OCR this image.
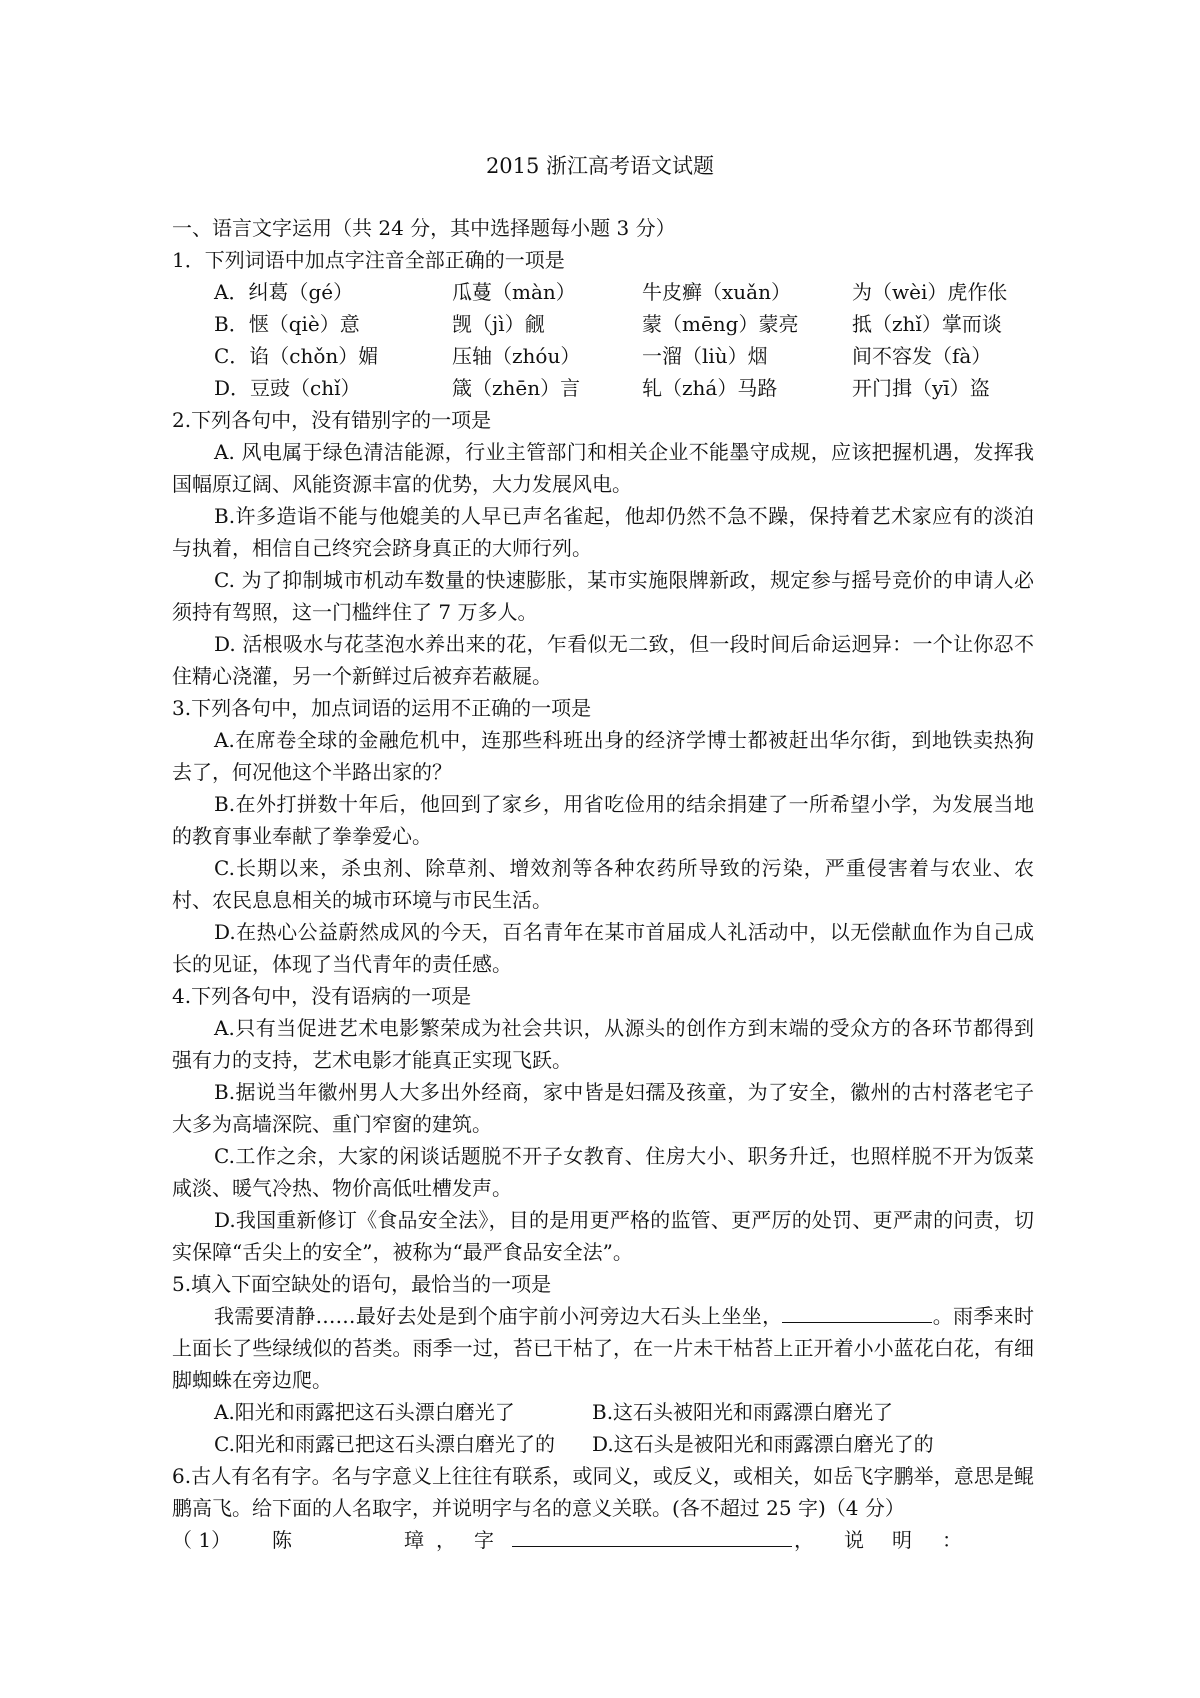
2015 浙江高考语文试题
一、语言文字运用（共 24 分，其中选择题每小题 3 分）
1．下列词语中加点字注音全部正确的一项是
A．纠葛（gé）	瓜蔓（màn）	牛皮癣（xuǎn）	为（wèi）虎作伥
B．惬（qiè）意	觊（jì）觎	蒙（mēng）蒙亮	抵（zhǐ）掌而谈
C．谄（chǒn）媚	压轴（zhóu）	一溜（liù）烟	间不容发（fà）
D．豆豉（chǐ）	箴（zhēn）言	轧（zhá）马路	开门揖（yī）盗
2.下列各句中，没有错别字的一项是
A. 风电属于绿色清洁能源，行业主管部门和相关企业不能墨守成规，应该把握机遇，发挥我国幅原辽阔、风能资源丰富的优势，大力发展风电。
B.许多造诣不能与他媲美的人早已声名雀起，他却仍然不急不躁，保持着艺术家应有的淡泊与执着，相信自己终究会跻身真正的大师行列。
C. 为了抑制城市机动车数量的快速膨胀，某市实施限牌新政，规定参与摇号竞价的申请人必须持有驾照，这一门槛绊住了 7 万多人。
D. 活根吸水与花茎泡水养出来的花，乍看似无二致，但一段时间后命运迥异：一个让你忍不住精心浇灌，另一个新鲜过后被弃若蔽屣。
3.下列各句中，加点词语的运用不正确的一项是
A.在席卷全球的金融危机中，连那些科班出身的经济学博士都被赶出华尔街，到地铁卖热狗去了，何况他这个半路出家的？
B.在外打拼数十年后，他回到了家乡，用省吃俭用的结余捐建了一所希望小学，为发展当地的教育事业奉献了拳拳爱心。
C.长期以来，杀虫剂、除草剂、增效剂等各种农药所导致的污染，严重侵害着与农业、农村、农民息息相关的城市环境与市民生活。
D.在热心公益蔚然成风的今天，百名青年在某市首届成人礼活动中，以无偿献血作为自己成长的见证，体现了当代青年的责任感。
4.下列各句中，没有语病的一项是
A.只有当促进艺术电影繁荣成为社会共识，从源头的创作方到末端的受众方的各环节都得到强有力的支持，艺术电影才能真正实现飞跃。
B.据说当年徽州男人大多出外经商，家中皆是妇孺及孩童，为了安全，徽州的古村落老宅子大多为高墙深院、重门窄窗的建筑。
C.工作之余，大家的闲谈话题脱不开子女教育、住房大小、职务升迁，也照样脱不开为饭菜咸淡、暖气冷热、物价高低吐槽发声。
D.我国重新修订《食品安全法》，目的是用更严格的监管、更严厉的处罚、更严肃的问责，切实保障“舌尖上的安全”，被称为“最严食品安全法”。
5.填入下面空缺处的语句，最恰当的一项是
我需要清静……最好去处是到个庙宇前小河旁边大石头上坐坐，	。雨季来时上面长了些绿绒似的苔类。雨季一过，苔已干枯了，在一片未干枯苔上正开着小小蓝花白花，有细脚蜘蛛在旁边爬。
A.阳光和雨露把这石头漂白磨光了	B.这石头被阳光和雨露漂白磨光了
C.阳光和雨露已把这石头漂白磨光了的 D.这石头是被阳光和雨露漂白磨光了的
6.古人有名有字。名与字意义上往往有联系，或同义，或反义，或相关，如岳飞字鹏举，意思是鲲鹏高飞。给下面的人名取字，并说明字与名的意义关联。(各不超过 25 字)（4 分）
（ 1） 陈	璋 ， 字	， 说 明 ：
